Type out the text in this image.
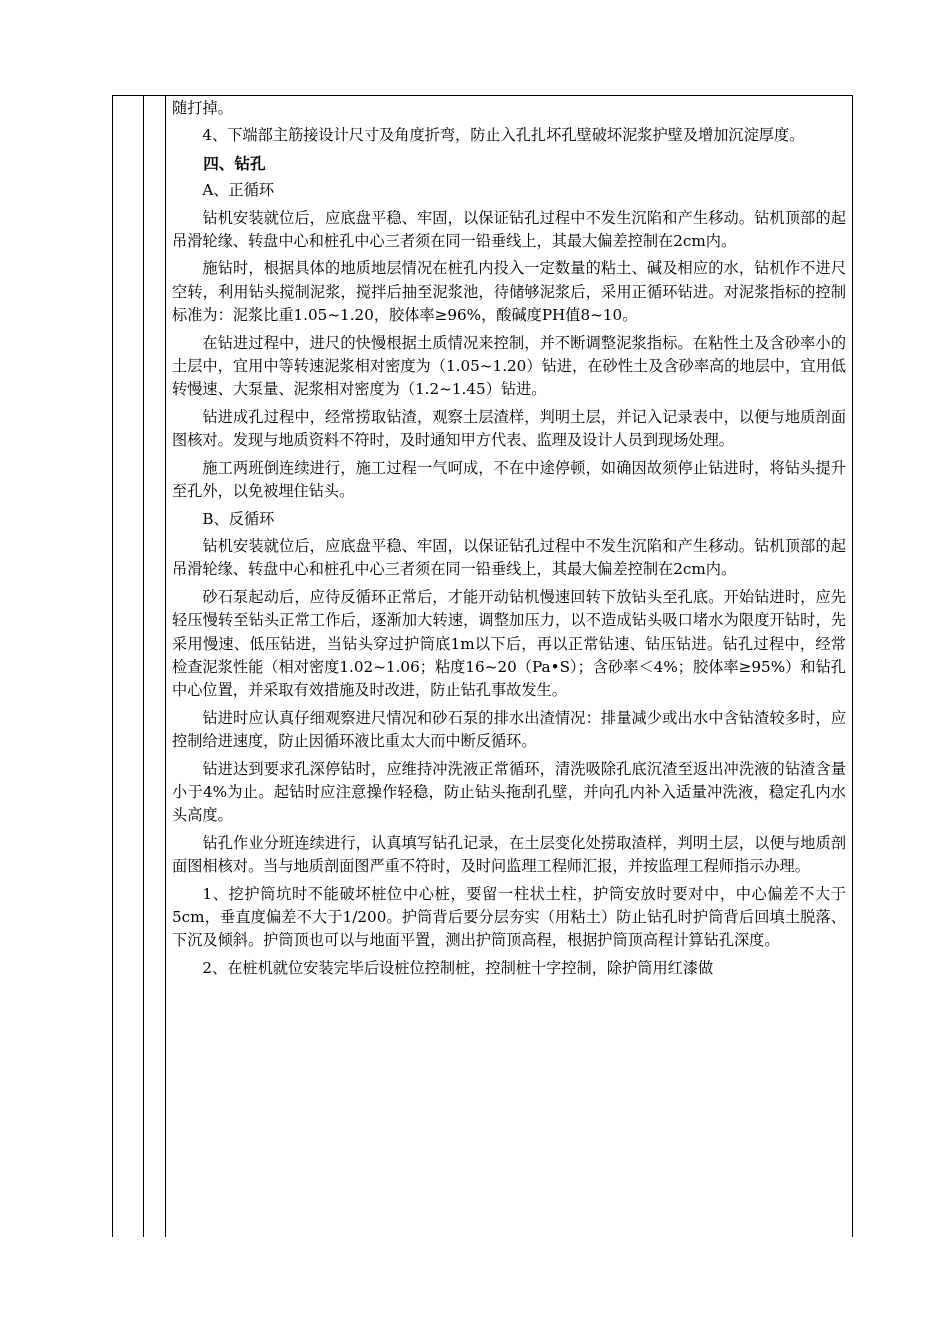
随打掉。

4、下端部主筋接设计尺寸及角度折弯，防止入孔扎坏孔壁破坏泥浆护壁及增加沉淀厚度。

四、钻孔

A、正循环

钻机安装就位后，应底盘平稳、牢固，以保证钻孔过程中不发生沉陷和产生移动。钻机顶部的起吊滑轮缘、转盘中心和桩孔中心三者须在同一铅垂线上，其最大偏差控制在2cm内。

施钻时，根据具体的地质地层情况在桩孔内投入一定数量的粘土、碱及相应的水，钻机作不进尺空转，利用钻头搅制泥浆，搅拌后抽至泥浆池，待储够泥浆后，采用正循环钻进。对泥浆指标的控制标准为：泥浆比重1.05~1.20，胶体率≥96%，酸碱度PH值8~10。

在钻进过程中，进尺的快慢根据土质情况来控制，并不断调整泥浆指标。在粘性土及含砂率小的土层中，宜用中等转速泥浆相对密度为（1.05~1.20）钻进，在砂性土及含砂率高的地层中，宜用低转慢速、大泵量、泥浆相对密度为（1.2~1.45）钻进。

钻进成孔过程中，经常捞取钻渣，观察土层渣样，判明土层，并记入记录表中，以便与地质剖面图核对。发现与地质资料不符时，及时通知甲方代表、监理及设计人员到现场处理。

施工两班倒连续进行，施工过程一气呵成，不在中途停顿，如确因故须停止钻进时，将钻头提升至孔外，以免被埋住钻头。

B、反循环

钻机安装就位后，应底盘平稳、牢固，以保证钻孔过程中不发生沉陷和产生移动。钻机顶部的起吊滑轮缘、转盘中心和桩孔中心三者须在同一铅垂线上，其最大偏差控制在2cm内。

砂石泵起动后，应待反循环正常后，才能开动钻机慢速回转下放钻头至孔底。开始钻进时，应先轻压慢转至钻头正常工作后，逐渐加大转速，调整加压力，以不造成钻头吸口堵水为限度开钻时，先采用慢速、低压钻进，当钻头穿过护筒底1m以下后，再以正常钻速、钻压钻进。钻孔过程中，经常检查泥浆性能（相对密度1.02~1.06；粘度16~20（Pa•S）；含砂率＜4%；胶体率≥95%）和钻孔中心位置，并采取有效措施及时改进，防止钻孔事故发生。

钻进时应认真仔细观察进尺情况和砂石泵的排水出渣情况：排量减少或出水中含钻渣较多时，应控制给进速度，防止因循环液比重太大而中断反循环。

钻进达到要求孔深停钻时，应维持冲洗液正常循环，清洗吸除孔底沉渣至返出冲洗液的钻渣含量小于4%为止。起钻时应注意操作轻稳，防止钻头拖刮孔壁，并向孔内补入适量冲洗液，稳定孔内水头高度。

钻孔作业分班连续进行，认真填写钻孔记录，在土层变化处捞取渣样，判明土层，以便与地质剖面图相核对。当与地质剖面图严重不符时，及时问监理工程师汇报，并按监理工程师指示办理。

1、挖护筒坑时不能破坏桩位中心桩，要留一柱状土柱，护筒安放时要对中，中心偏差不大于5cm，垂直度偏差不大于1/200。护筒背后要分层夯实（用粘土）防止钻孔时护筒背后回填土脱落、下沉及倾斜。护筒顶也可以与地面平置，测出护筒顶高程，根据护筒顶高程计算钻孔深度。

2、在桩机就位安装完毕后设桩位控制桩，控制桩十字控制，除护筒用红漆做
